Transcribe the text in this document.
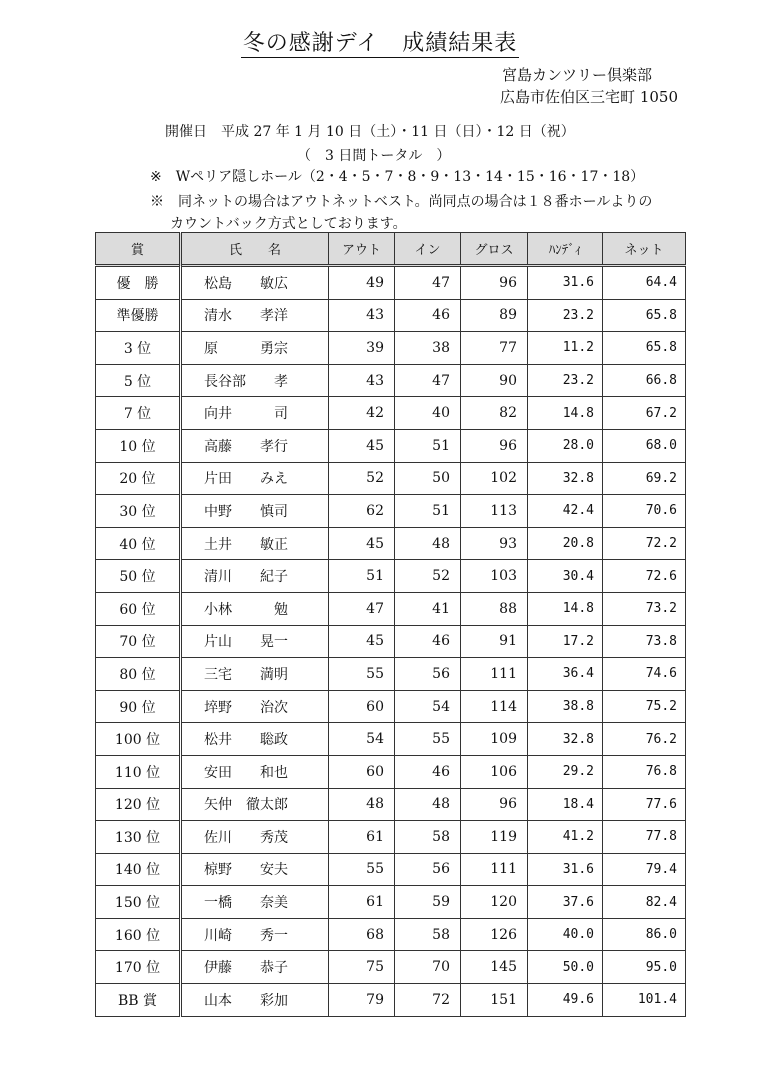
冬の感謝デイ　成績結果表
宮島カンツリー倶楽部
広島市佐伯区三宅町 1050
開催日　平成 27 年 1 月 10 日（土）・11 日（日）・12 日（祝）
（　3 日間トータル　）
※　Wペリア隠しホール（2・4・5・7・8・9・13・14・15・16・17・18）
※　同ネットの場合はアウトネットベスト。尚同点の場合は１８番ホールよりの
カウントバック方式としております。
賞	氏　　名	アウト	イン	グロス	ﾊﾝﾃﾞｨ	ネット
優　勝	松島　　敏広	49	47	96	31.6	64.4
準優勝	清水　　孝洋	43	46	89	23.2	65.8
3 位	原　　　勇宗	39	38	77	11.2	65.8
5 位	長谷部　　孝	43	47	90	23.2	66.8
7 位	向井　　　司	42	40	82	14.8	67.2
10 位	高藤　　孝行	45	51	96	28.0	68.0
20 位	片田　　みえ	52	50	102	32.8	69.2
30 位	中野　　慎司	62	51	113	42.4	70.6
40 位	土井　　敏正	45	48	93	20.8	72.2
50 位	清川　　紀子	51	52	103	30.4	72.6
60 位	小林　　　勉	47	41	88	14.8	73.2
70 位	片山　　晃一	45	46	91	17.2	73.8
80 位	三宅　　満明	55	56	111	36.4	74.6
90 位	埣野　　治次	60	54	114	38.8	75.2
100 位	松井　　聡政	54	55	109	32.8	76.2
110 位	安田　　和也	60	46	106	29.2	76.8
120 位	矢仲　徹太郎	48	48	96	18.4	77.6
130 位	佐川　　秀茂	61	58	119	41.2	77.8
140 位	椋野　　安夫	55	56	111	31.6	79.4
150 位	一橋　　奈美	61	59	120	37.6	82.4
160 位	川崎　　秀一	68	58	126	40.0	86.0
170 位	伊藤　　恭子	75	70	145	50.0	95.0
BB 賞	山本　　彩加	79	72	151	49.6	101.4
